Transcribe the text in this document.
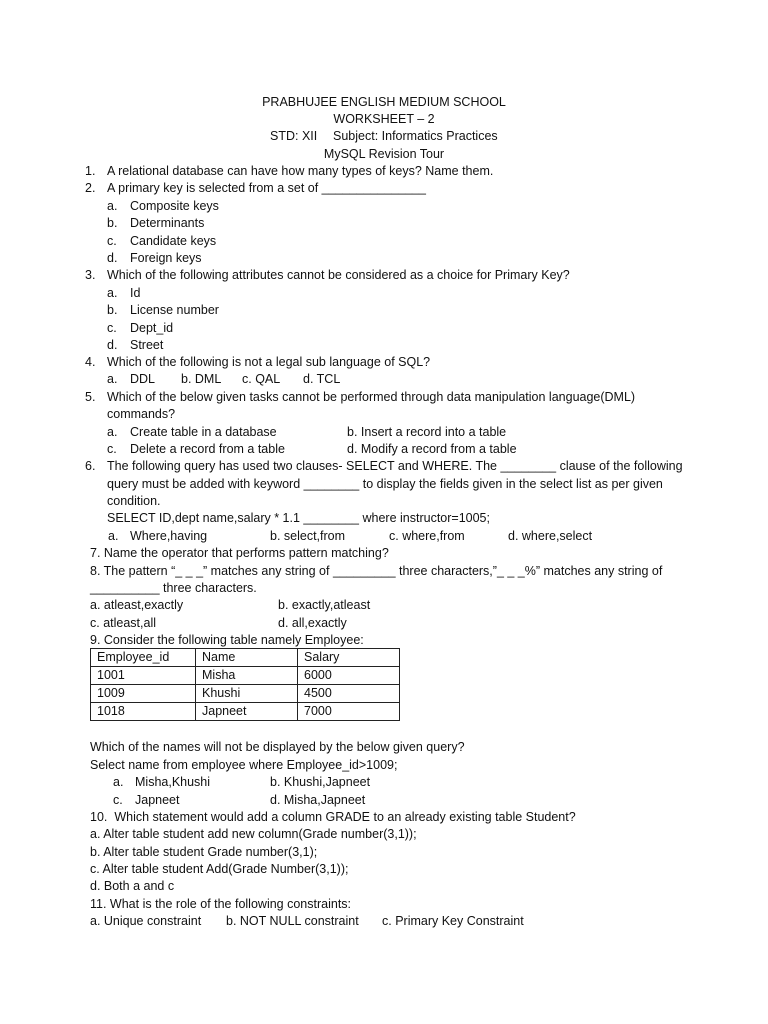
PRABHUJEE ENGLISH MEDIUM SCHOOL
WORKSHEET – 2
STD: XII Subject: Informatics Practices
MySQL Revision Tour
1. A relational database can have how many types of keys? Name them.
2. A primary key is selected from a set of _______________
a. Composite keys
b. Determinants
c. Candidate keys
d. Foreign keys
3. Which of the following attributes cannot be considered as a choice for Primary Key?
a. Id
b. License number
c. Dept_id
d. Street
4. Which of the following is not a legal sub language of SQL?
a. DDL b. DML c. QAL d. TCL
5. Which of the below given tasks cannot be performed through data manipulation language(DML)
commands?
a. Create table in a database	b. Insert a record into a table
c. Delete a record from a table	d. Modify a record from a table
6. The following query has used two clauses- SELECT and WHERE. The ________ clause of the following
query must be added with keyword ________ to display the fields given in the select list as per given
condition.
SELECT ID,dept name,salary * 1.1 ________ where instructor=1005;
a. Where,having	b. select,from	c. where,from	d. where,select
7. Name the operator that performs pattern matching?
8. The pattern “_ _ _” matches any string of _________ three characters,”_ _ _%” matches any string of
__________ three characters.
a. atleast,exactly	b. exactly,atleast
c. atleast,all	d. all,exactly
9. Consider the following table namely Employee:
Employee_id	Name	Salary
1001	Misha	6000
1009	Khushi	4500
1018	Japneet	7000
Which of the names will not be displayed by the below given query?
Select name from employee where Employee_id>1009;
a. Misha,Khushi	b. Khushi,Japneet
c. Japneet	d. Misha,Japneet
10.  Which statement would add a column GRADE to an already existing table Student?
a. Alter table student add new column(Grade number(3,1));
b. Alter table student Grade number(3,1);
c. Alter table student Add(Grade Number(3,1));
d. Both a and c
11. What is the role of the following constraints:
a. Unique constraint b. NOT NULL constraint c. Primary Key Constraint
